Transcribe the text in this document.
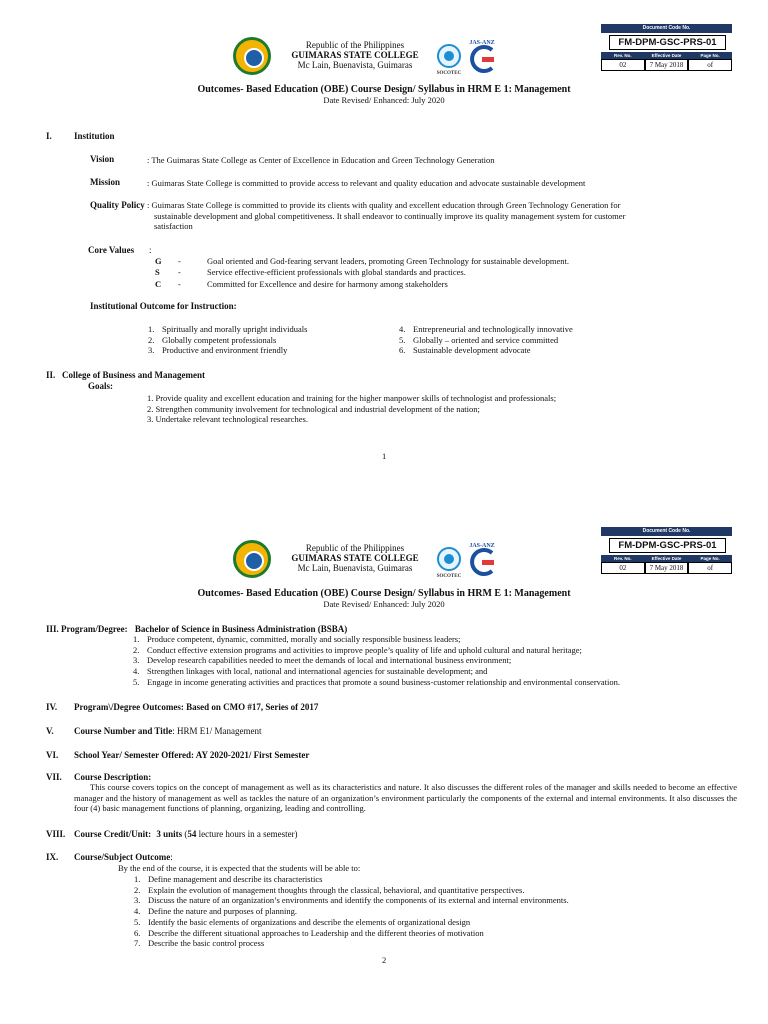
Document Code No.
FM-DPM-GSC-PRS-01
Rev. No.	Effective Date	Page No.
02	7 May 2018	of
Republic of the Philippines
GUIMARAS STATE COLLEGE
Mc Lain, Buenavista, Guimaras
SOCOTEC
JAS-ANZ
Outcomes- Based Education (OBE) Course Design/ Syllabus in HRM E 1: Management
Date Revised/ Enhanced: July 2020
I. Institution
Vision	: The Guimaras State College as Center of Excellence in Education and Green Technology Generation
Mission	: Guimaras State College is committed to provide access to relevant and quality education and advocate sustainable development
Quality Policy : Guimaras State College is committed to provide its clients with quality and excellent education through Green Technology Generation for
sustainable development and global competitiveness. It shall endeavor to continually improve its quality management system for customer
satisfaction
Core Values :
G -	Goal oriented and God-fearing servant leaders, promoting Green Technology for sustainable development.
S -	Service effective-efficient professionals with global standards and practices.
C -	Committed for Excellence and desire for harmony among stakeholders
Institutional Outcome for Instruction:
1. Spiritually and morally upright individuals
2. Globally competent professionals
3. Productive and environment friendly
4. Entrepreneurial and technologically innovative
5. Globally – oriented and service committed
6. Sustainable development advocate
II. College of Business and Management
Goals:
1. Provide quality and excellent education and training for the higher manpower skills of technologist and professionals;
2. Strengthen community involvement for technological and industrial development of the nation;
3. Undertake relevant technological researches.
1
Document Code No.
FM-DPM-GSC-PRS-01
Rev. No.	Effective Date	Page No.
02	7 May 2018	of
Republic of the Philippines
GUIMARAS STATE COLLEGE
Mc Lain, Buenavista, Guimaras
SOCOTEC
JAS-ANZ
Outcomes- Based Education (OBE) Course Design/ Syllabus in HRM E 1: Management
Date Revised/ Enhanced: July 2020
III. Program/Degree: Bachelor of Science in Business Administration (BSBA)
1. Produce competent, dynamic, committed, morally and socially responsible business leaders;
2. Conduct effective extension programs and activities to improve people’s quality of life and uphold cultural and natural heritage;
3. Develop research capabilities needed to meet the demands of local and international business environment;
4. Strengthen linkages with local, national and international agencies for sustainable development; and
5. Engage in income generating activities and practices that promote a sound business-customer relationship and environmental conservation.
IV. Program\/Degree Outcomes: Based on CMO #17, Series of 2017
V. Course Number and Title: HRM E1/ Management
VI. School Year/ Semester Offered: AY 2020-2021/ First Semester
VII. Course Description:

This course covers topics on the concept of management as well as its characteristics and nature. It also discusses the different roles of the manager and skills needed to become an effective manager and the history of management as well as tackles the nature of an organization’s environment particularly the components of the external and internal environments. It also discusses the four (4) basic management functions of planning, organizing, leading and controlling.

VIII. Course Credit/Unit: 3 units (54 lecture hours in a semester)
IX. Course/Subject Outcome:
By the end of the course, it is expected that the students will be able to:
1. Define management and describe its characteristics
2. Explain the evolution of management thoughts through the classical, behavioral, and quantitative perspectives.
3. Discuss the nature of an organization’s environments and identify the components of its external and internal environments.
4. Define the nature and purposes of planning.
5. Identify the basic elements of organizations and describe the elements of organizational design
6. Describe the different situational approaches to Leadership and the different theories of motivation
7. Describe the basic control process
2
